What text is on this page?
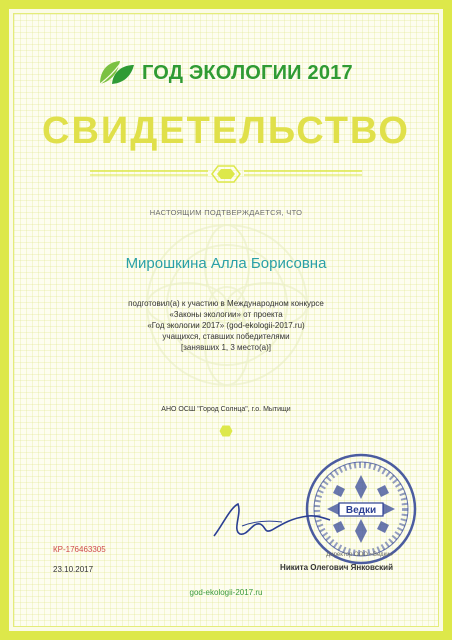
ГОД ЭКОЛОГИИ 2017
СВИДЕТЕЛЬСТВО
НАСТОЯЩИМ ПОДТВЕРЖДАЕТСЯ, ЧТО
Мирошкина Алла Борисовна
подготовил(а) к участию в Международном конкурсе
«Законы экологии» от проекта
«Год экологии 2017» (god-ekologii-2017.ru)
учащихся, ставших победителями
[занявших 1, 3 место(а)]
АНО ОСШ "Город Солнца", г.о. Мытищи
Ведки
КР-176463305
23.10.2017
Директор ООО «Ведки»
Никита Олегович Янковский
god-ekologii-2017.ru
